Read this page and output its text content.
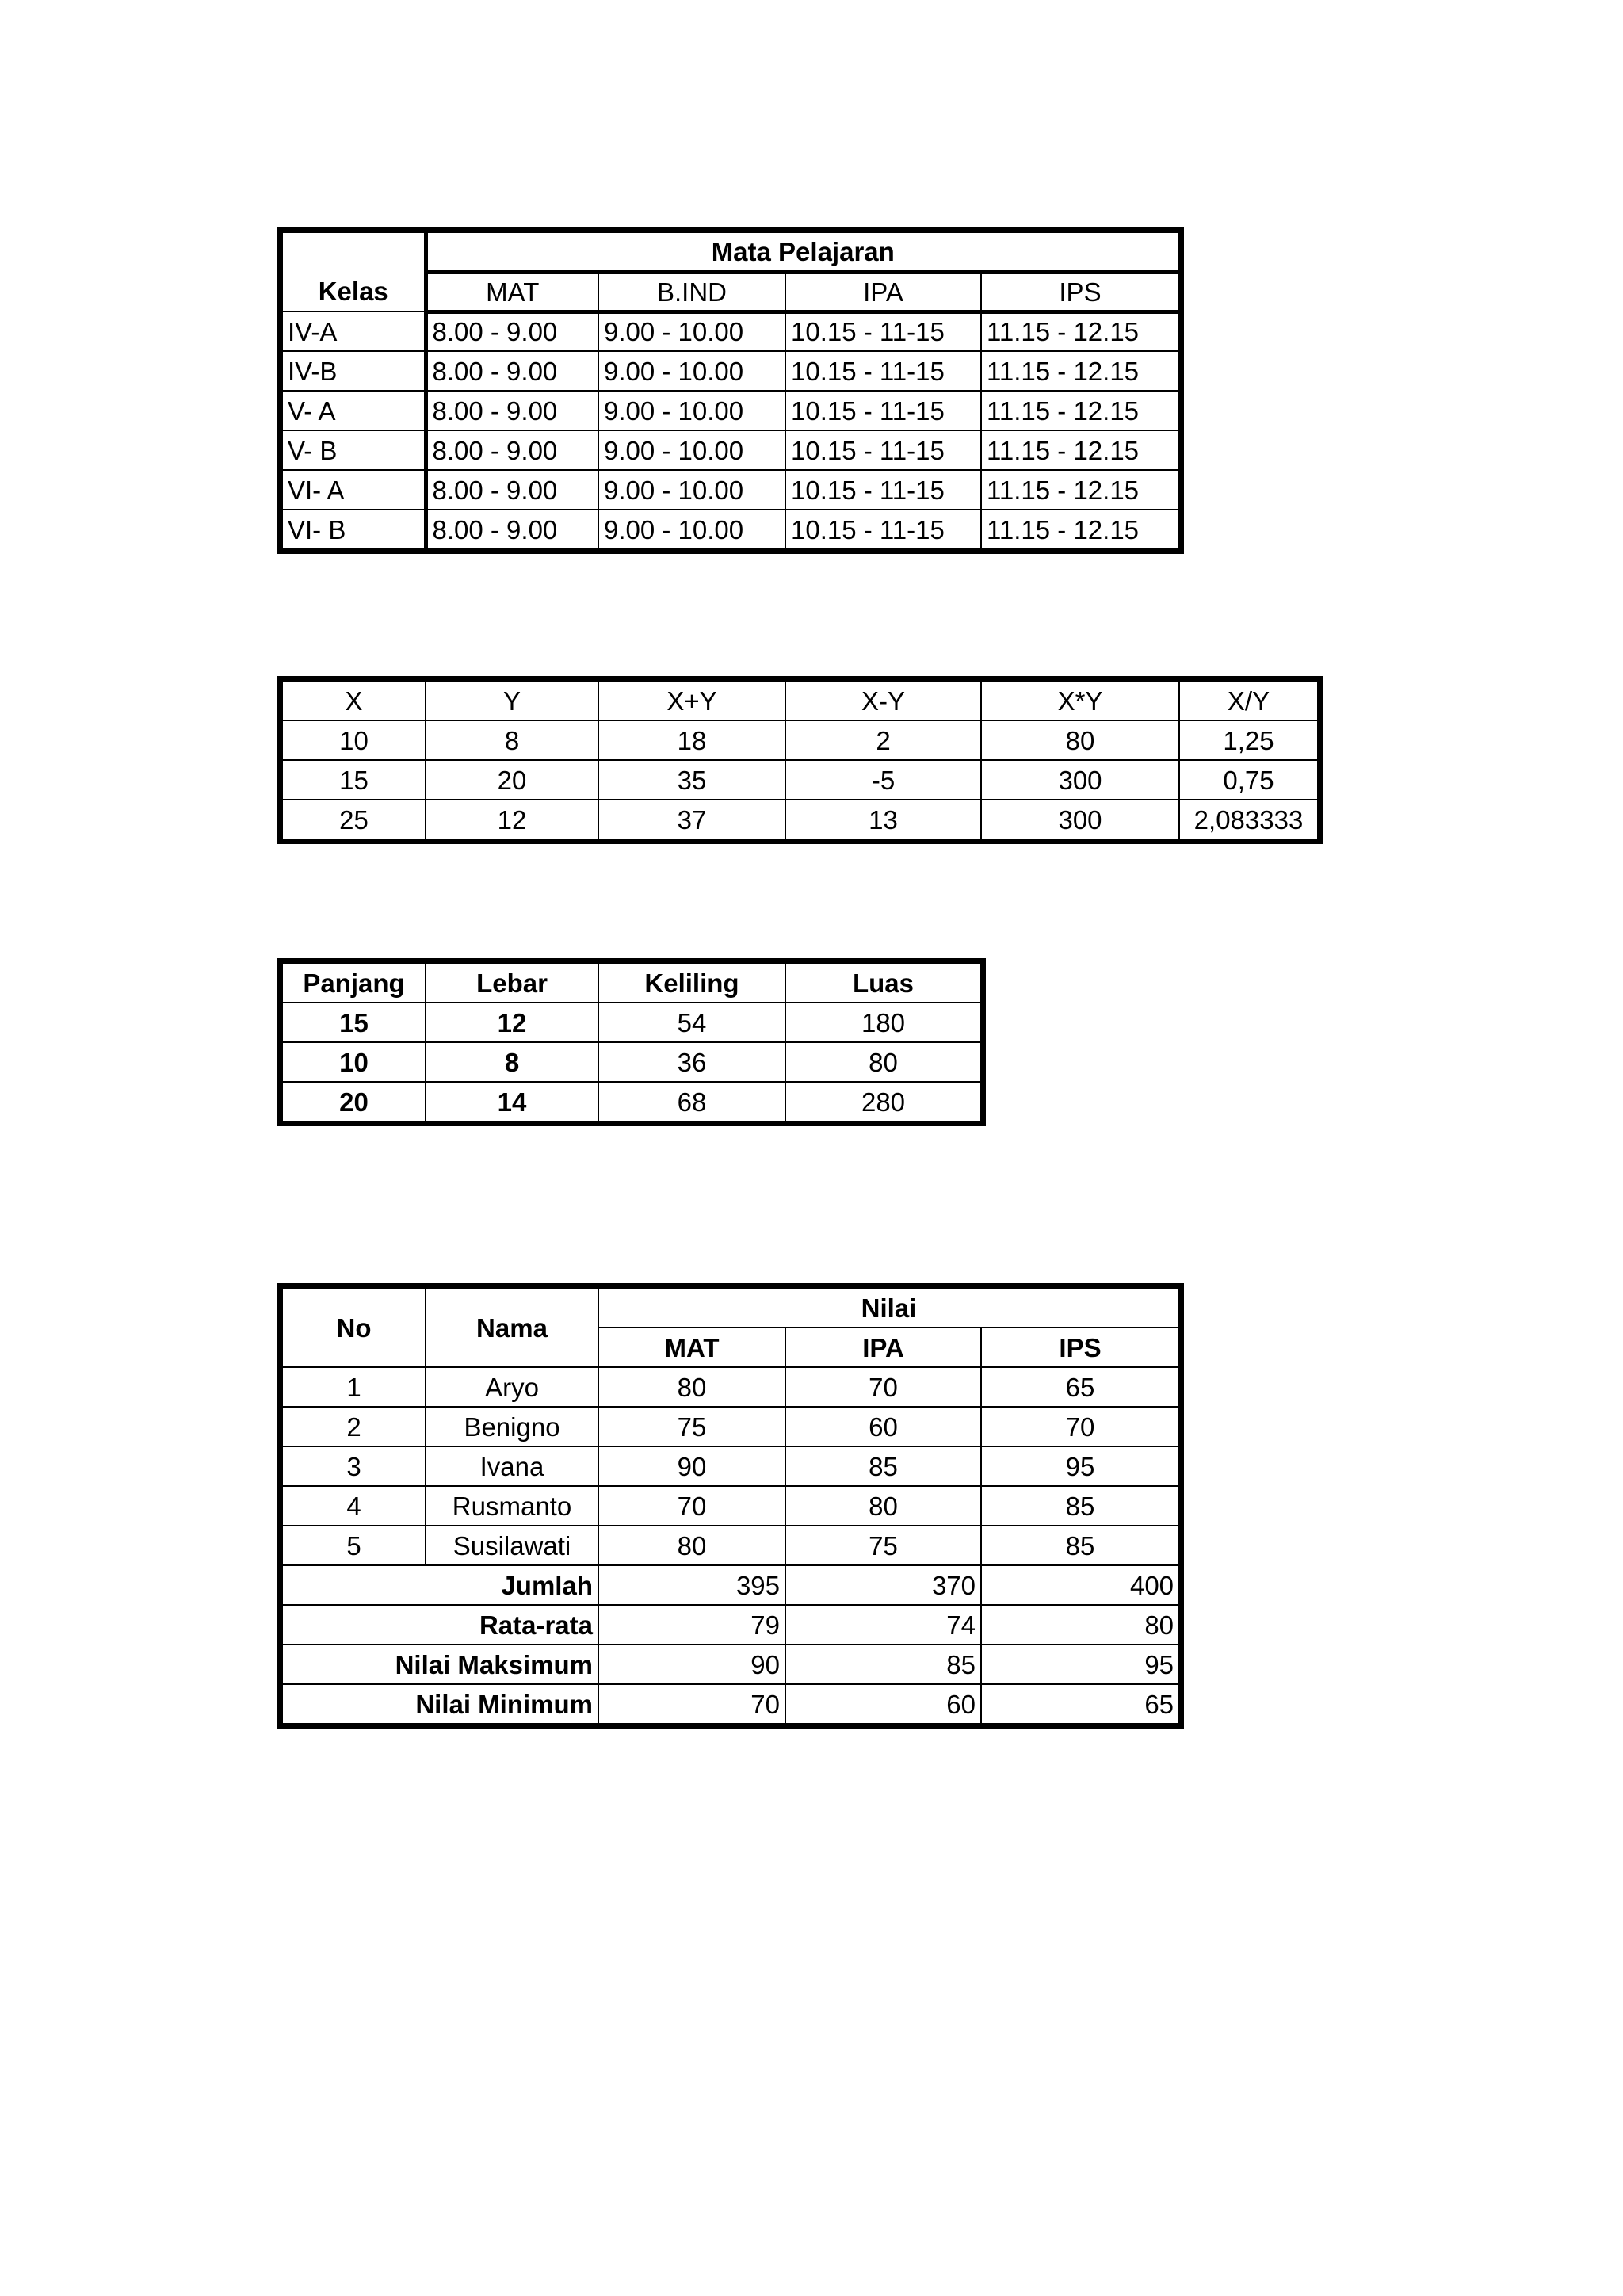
Kelas	Mata Pelajaran			
	MAT	B.IND	IPA	IPS
IV-A	8.00 - 9.00	9.00 - 10.00	10.15 - 11-15	11.15 - 12.15
IV-B	8.00 - 9.00	9.00 - 10.00	10.15 - 11-15	11.15 - 12.15
V- A	8.00 - 9.00	9.00 - 10.00	10.15 - 11-15	11.15 - 12.15
V- B	8.00 - 9.00	9.00 - 10.00	10.15 - 11-15	11.15 - 12.15
VI- A	8.00 - 9.00	9.00 - 10.00	10.15 - 11-15	11.15 - 12.15
VI- B	8.00 - 9.00	9.00 - 10.00	10.15 - 11-15	11.15 - 12.15
X	Y	X+Y	X-Y	X*Y	X/Y
10	8	18	2	80	1,25
15	20	35	-5	300	0,75
25	12	37	13	300	2,083333
Panjang	Lebar	Keliling	Luas
15	12	54	180
10	8	36	80
20	14	68	280
No	Nama	Nilai		
		MAT	IPA	IPS
1	Aryo	80	70	65
2	Benigno	75	60	70
3	Ivana	90	85	95
4	Rusmanto	70	80	85
5	Susilawati	80	75	85
Jumlah		395	370	400
Rata-rata		79	74	80
Nilai Maksimum		90	85	95
Nilai Minimum		70	60	65
